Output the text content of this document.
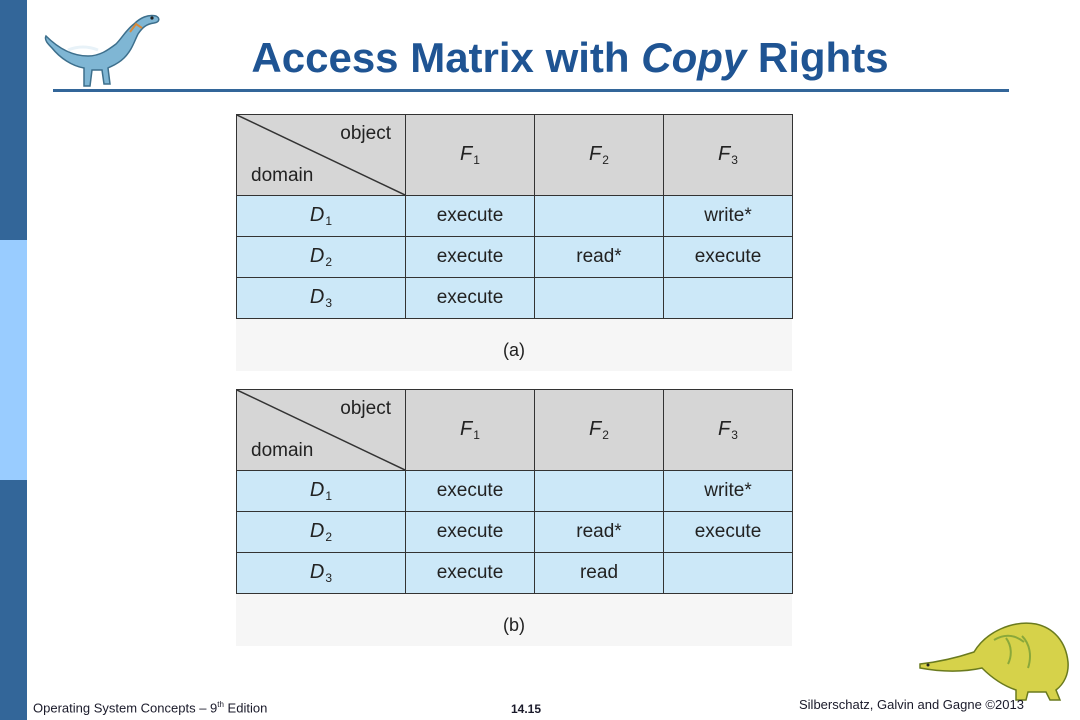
Access Matrix with Copy Rights
object
domain	$F_1$	$F_2$	$F_3$
$D_1$	execute		write*
$D_2$	execute	read*	execute
$D_3$	execute		
(a)
object
domain	$F_1$	$F_2$	$F_3$
$D_1$	execute		write*
$D_2$	execute	read*	execute
$D_3$	execute	read	
(b)
Operating System Concepts – 9th Edition	14.15	Silberschatz, Galvin and Gagne ©2013
